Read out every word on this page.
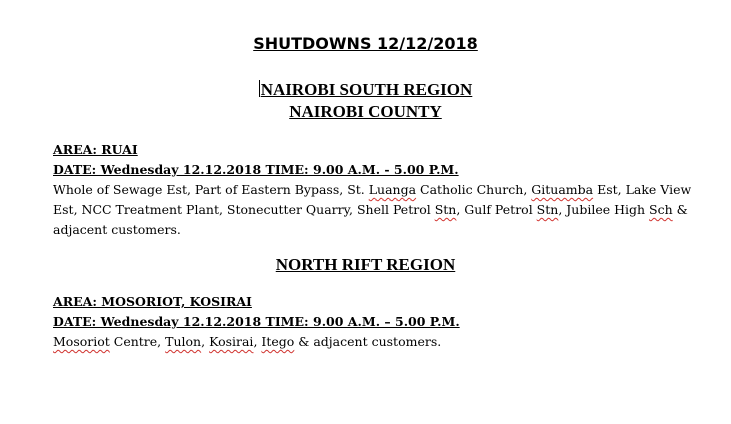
SHUTDOWNS 12/12/2018
NAIROBI SOUTH REGION
NAIROBI COUNTY
AREA: RUAI
DATE: Wednesday 12.12.2018 TIME: 9.00 A.M. - 5.00 P.M.
Whole of Sewage Est, Part of Eastern Bypass, St. Luanga Catholic Church, Gituamba Est, Lake View Est, NCC Treatment Plant, Stonecutter Quarry, Shell Petrol Stn, Gulf Petrol Stn, Jubilee High Sch & adjacent customers.
NORTH RIFT REGION
AREA: MOSORIOT, KOSIRAI
DATE: Wednesday 12.12.2018 TIME: 9.00 A.M. – 5.00 P.M.
Mosoriot Centre, Tulon, Kosirai, Itego & adjacent customers.
